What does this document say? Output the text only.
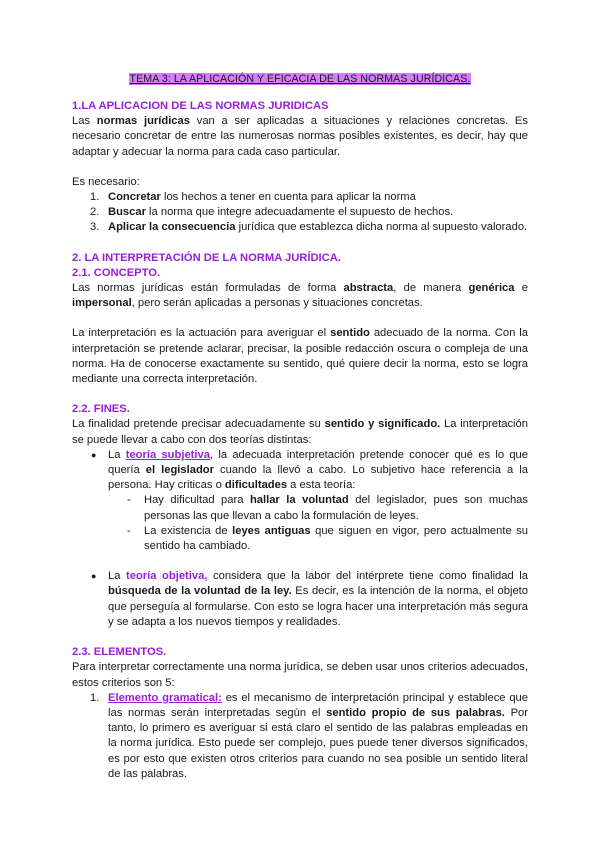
TEMA 3: LA APLICACIÓN Y EFICACIA DE LAS NORMAS JURÍDICAS.
1.LA APLICACION DE LAS NORMAS JURIDICAS

Las normas jurídicas van a ser aplicadas a situaciones y relaciones concretas. Es necesario concretar de entre las numerosas normas posibles existentes, es decir, hay que adaptar y adecuar la norma para cada caso particular.

Es necesario:

1. Concretar los hechos a tener en cuenta para aplicar la norma
2. Buscar la norma que integre adecuadamente el supuesto de hechos.
3. Aplicar la consecuencia jurídica que establezca dicha norma al supuesto valorado.
2. LA INTERPRETACIÓN DE LA NORMA JURÍDICA.
2.1. CONCEPTO.

Las normas jurídicas están formuladas de forma abstracta, de manera genérica e impersonal, pero serán aplicadas a personas y situaciones concretas.

La interpretación es la actuación para averiguar el sentido adecuado de la norma. Con la interpretación se pretende aclarar, precisar, la posible redacción oscura o compleja de una norma. Ha de conocerse exactamente su sentido, qué quiere decir la norma, esto se logra mediante una correcta interpretación.

2.2. FINES.

La finalidad pretende precisar adecuadamente su sentido y significado. La interpretación se puede llevar a cabo con dos teorías distintas:

● La teoría subjetiva, la adecuada interpretación pretende conocer qué es lo que quería el legislador cuando la llevó a cabo. Lo subjetivo hace referencia a la persona. Hay criticas o dificultades a esta teoría:
- Hay dificultad para hallar la voluntad del legislador, pues son muchas personas las que llevan a cabo la formulación de leyes.
- La existencia de leyes antiguas que siguen en vigor, pero actualmente su sentido ha cambiado.
● La teoría objetiva, considera que la labor del intérprete tiene como finalidad la búsqueda de la voluntad de la ley. Es decir, es la intención de la norma, el objeto que perseguía al formularse. Con esto se logra hacer una interpretación más segura y se adapta a los nuevos tiempos y realidades.
2.3. ELEMENTOS.

Para interpretar correctamente una norma jurídica, se deben usar unos criterios adecuados, estos criterios son 5:

1. Elemento gramatical: es el mecanismo de interpretación principal y establece que las normas serán interpretadas según el sentido propio de sus palabras. Por tanto, lo primero es averiguar si está claro el sentido de las palabras empleadas en la norma jurídica. Esto puede ser complejo, pues puede tener diversos significados, es por esto que existen otros criterios para cuando no sea posible un sentido literal de las palabras.
